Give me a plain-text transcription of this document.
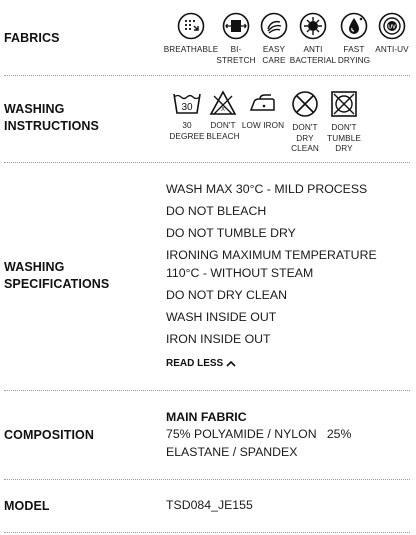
FABRICS
BREATHABLE	BI-
STRETCH
EASY
CARE
ANTI
BACTERIAL
FAST
DRYING
UV
ANTI-UV
WASHING
INSTRUCTIONS
30
30
DEGREE
X
DON'T
BLEACH
LOW IRON DON'T
DRY
CLEAN
DON'T
TUMBLE
DRY
WASHING
SPECIFICATIONS
WASH MAX 30°C - MILD PROCESS
DO NOT BLEACH
DO NOT TUMBLE DRY
IRONING MAXIMUM TEMPERATURE 110°C - WITHOUT STEAM
DO NOT DRY CLEAN
WASH INSIDE OUT
IRON INSIDE OUT
READ LESS
COMPOSITION
MAIN FABRIC
75% POLYAMIDE / NYLON   25% ELASTANE / SPANDEX
MODEL	TSD084_JE155
